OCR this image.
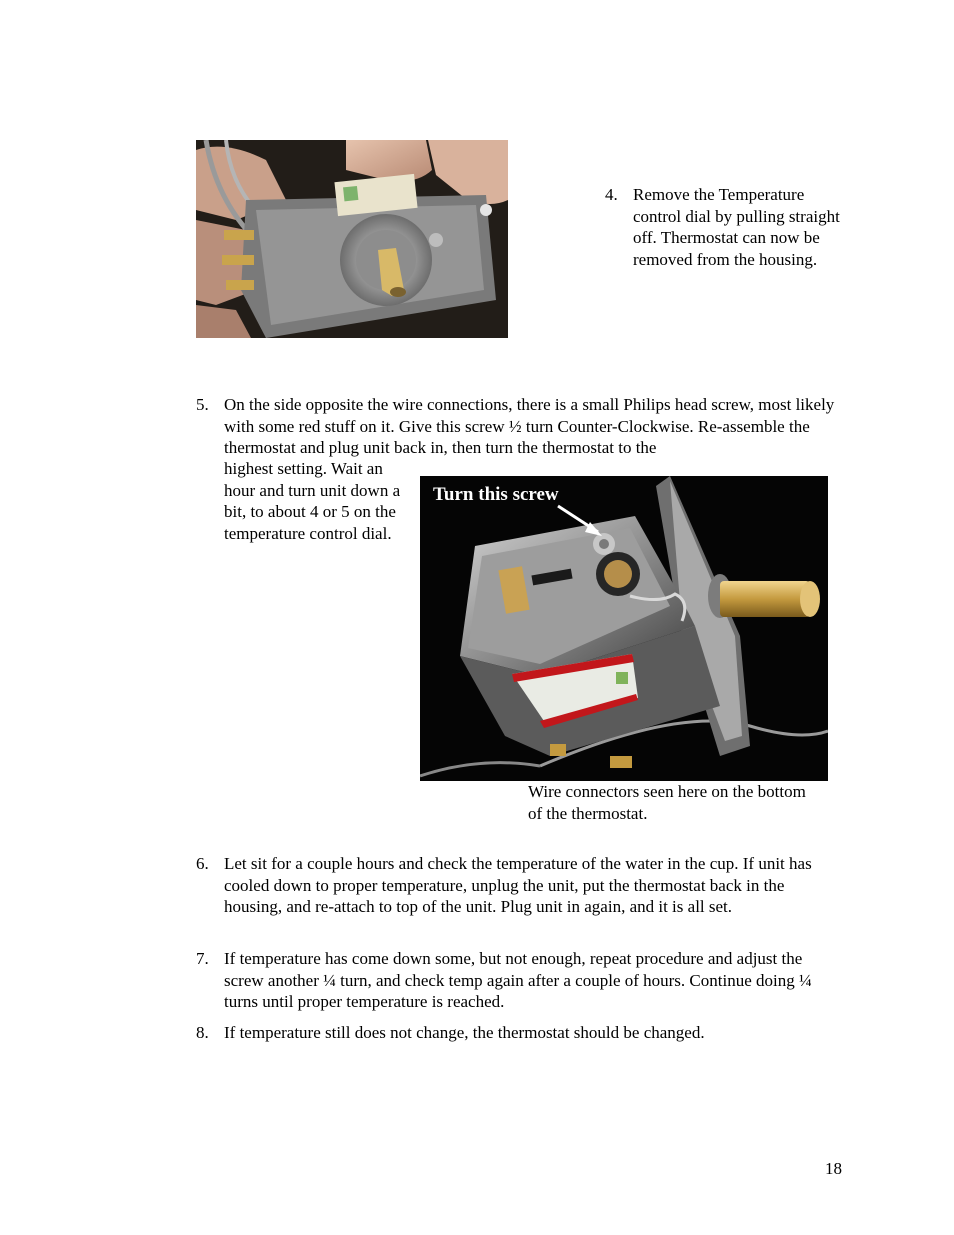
4. Remove the Temperature control dial by pulling straight off. Thermostat can now be removed from the housing.
5. On the side opposite the wire connections, there is a small Philips head screw, most likely with some red stuff on it. Give this screw ½ turn Counter-Clockwise. Re-assemble the thermostat and plug unit back in, then turn the thermostat to the
highest setting. Wait an hour and turn unit down a bit, to about 4 or 5 on the temperature control dial.
Turn this screw
Wire connectors seen here on the bottom of the thermostat.
6. Let sit for a couple hours and check the temperature of the water in the cup. If unit has cooled down to proper temperature, unplug the unit, put the thermostat back in the housing, and re-attach to top of the unit. Plug unit in again, and it is all set.
7. If temperature has come down some, but not enough, repeat procedure and adjust the screw another ¼ turn, and check temp again after a couple of hours. Continue doing ¼ turns until proper temperature is reached.
8. If temperature still does not change, the thermostat should be changed.
18
